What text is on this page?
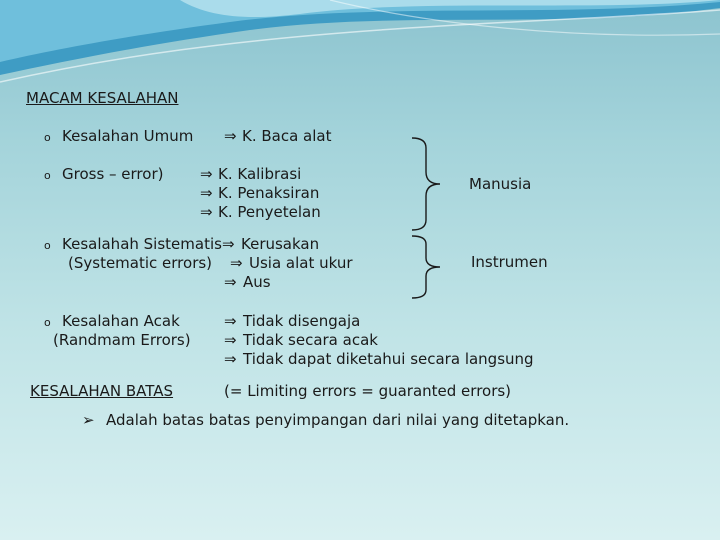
MACAM KESALAHAN
o Kesalahan Umum ⇒ K. Baca alat
o Gross – error) ⇒ K. Kalibrasi
⇒ K. Penaksiran
⇒ K. Penyetelan
o Kesalahah Sistematis
(Systematic errors)
⇒ Kerusakan
⇒ Usia alat ukur
⇒ Aus
o Kesalahan Acak
(Randmam Errors)
⇒ Tidak disengaja
⇒ Tidak secara acak
⇒ Tidak dapat diketahui secara langsung
Manusia
Instrumen
KESALAHAN BATAS	(= Limiting errors = guaranted errors)
➢ Adalah batas batas penyimpangan dari nilai yang ditetapkan.
